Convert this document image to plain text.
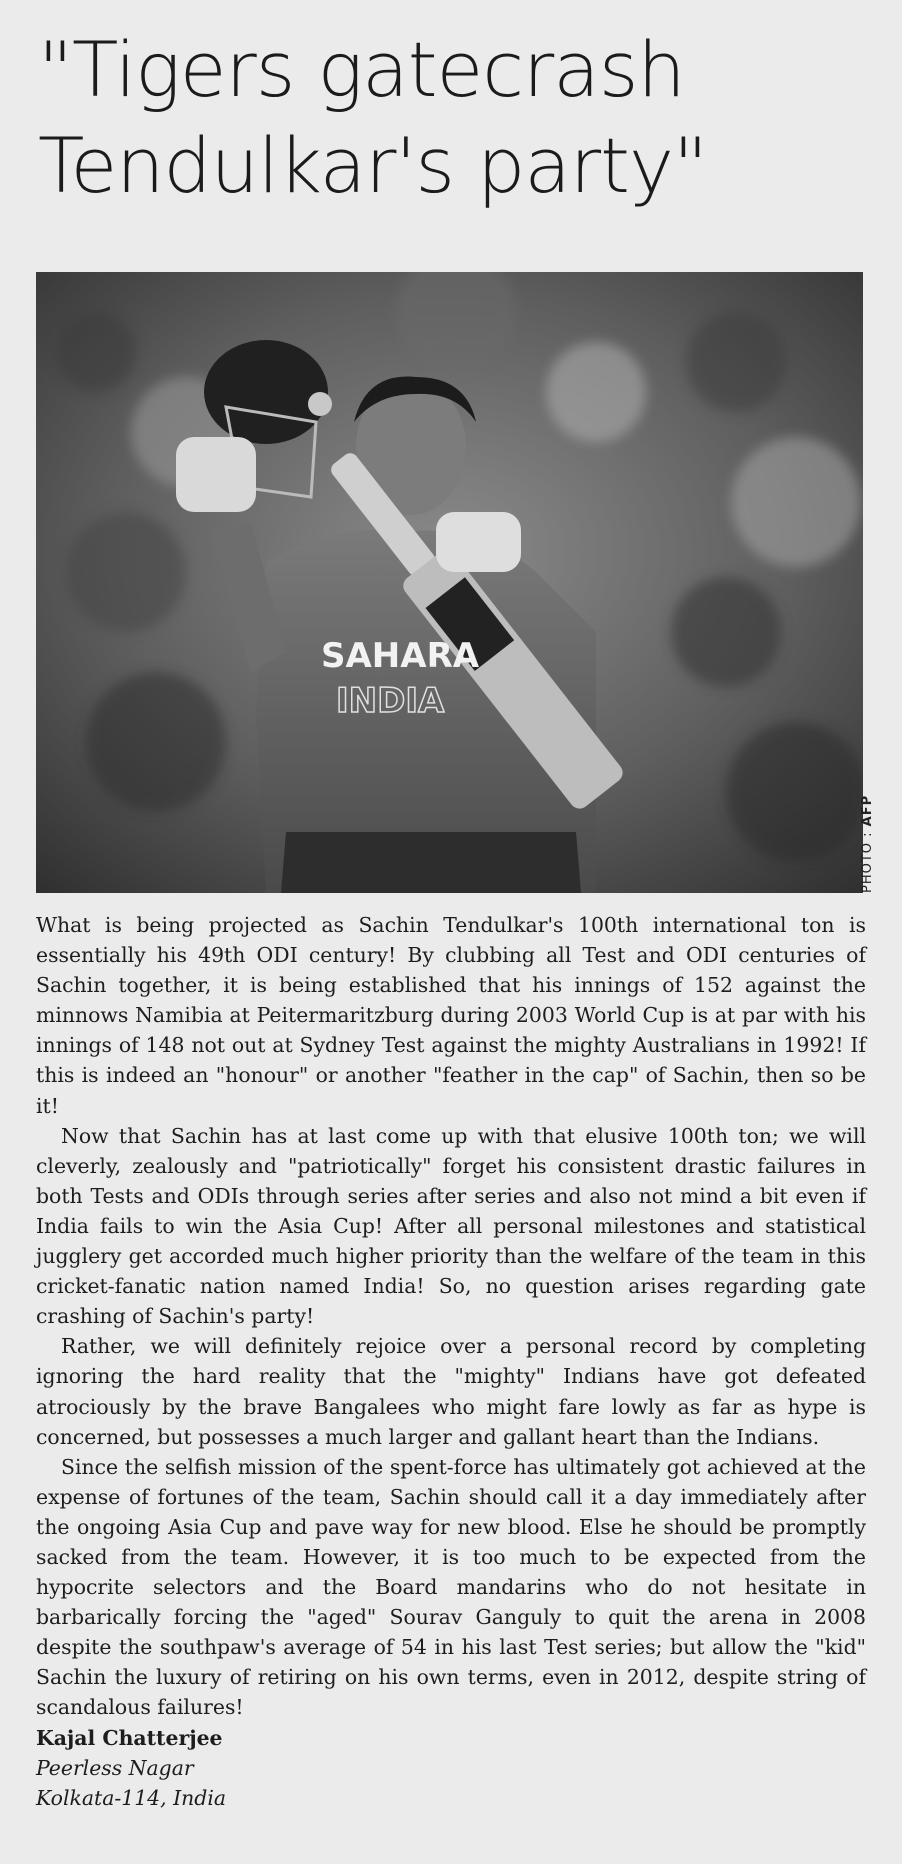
"Tigers gatecrash
Tendulkar's party"
SAHARA
INDIA
PHOTO : AFP

What is being projected as Sachin Tendulkar's 100th international ton is essentially his 49th ODI century! By clubbing all Test and ODI centuries of Sachin together, it is being established that his innings of 152 against the minnows Namibia at Peitermaritzburg during 2003 World Cup is at par with his innings of 148 not out at Sydney Test against the mighty Australians in 1992! If this is indeed an "honour" or another "feather in the cap" of Sachin, then so be it!

Now that Sachin has at last come up with that elusive 100th ton; we will cleverly, zealously and "patriotically" forget his consistent drastic failures in both Tests and ODIs through series after series and also not mind a bit even if India fails to win the Asia Cup! After all personal milestones and statistical jugglery get accorded much higher priority than the welfare of the team in this cricket-fanatic nation named India! So, no question arises regarding gate crashing of Sachin's party!

Rather, we will definitely rejoice over a personal record by completing ignoring the hard reality that the "mighty" Indians have got defeated atrociously by the brave Bangalees who might fare lowly as far as hype is concerned, but possesses a much larger and gallant heart than the Indians.

Since the selfish mission of the spent-force has ultimately got achieved at the expense of fortunes of the team, Sachin should call it a day immediately after the ongoing Asia Cup and pave way for new blood. Else he should be promptly sacked from the team. However, it is too much to be expected from the hypocrite selectors and the Board mandarins who do not hesitate in barbarically forcing the "aged" Sourav Ganguly to quit the arena in 2008 despite the southpaw's average of 54 in his last Test series; but allow the "kid" Sachin the luxury of retiring on his own terms, even in 2012, despite string of scandalous failures!

Kajal Chatterjee
Peerless Nagar
Kolkata-114, India
